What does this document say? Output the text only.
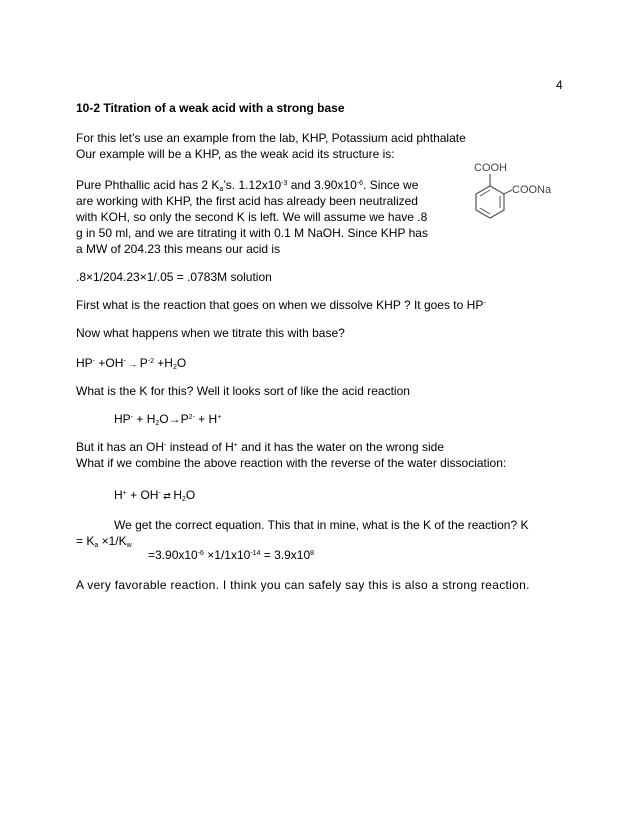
4
10-2 Titration of a weak acid with a strong base
For this let’s use an example from the lab, KHP, Potassium acid phthalate
Our example will be a KHP, as the weak acid its structure is:
Pure Phthallic acid has 2 $K_a’s$. $1.12x10^{-3}$ and $3.90x10^{-6}$. Since we
are working with KHP, the first acid has already been neutralized
with KOH, so only the second K is left. We will assume we have .8
g in 50 ml, and we are titrating it with 0.1 M NaOH. Since KHP has
a MW of 204.23 this means our acid is
COOH
COONa
.8×1/204.23×1/.05 = .0783M solution
First what is the reaction that goes on when we dissolve KHP ? It goes to HP-
Now what happens when we titrate this with base?
$HP^- +OH^- \to P^{-2} +H_2O$
What is the K for this? Well it looks sort of like the acid reaction
$HP^- + H_2O\to P^{2-} + H^+$
But it has an OH- instead of H+ and it has the water on the wrong side
What if we combine the above reaction with the reverse of the water dissociation:
H+ + OH- ⇄ $H_2O$
We get the correct equation. This that in mine, what is the K of the reaction? K
= $K_a \times 1/K_w$
$=3.90x10^{-6} \times 1/1x10^{-14} = 3.9x10^8$
A very favorable reaction. I think you can safely say this is also a strong reaction.
